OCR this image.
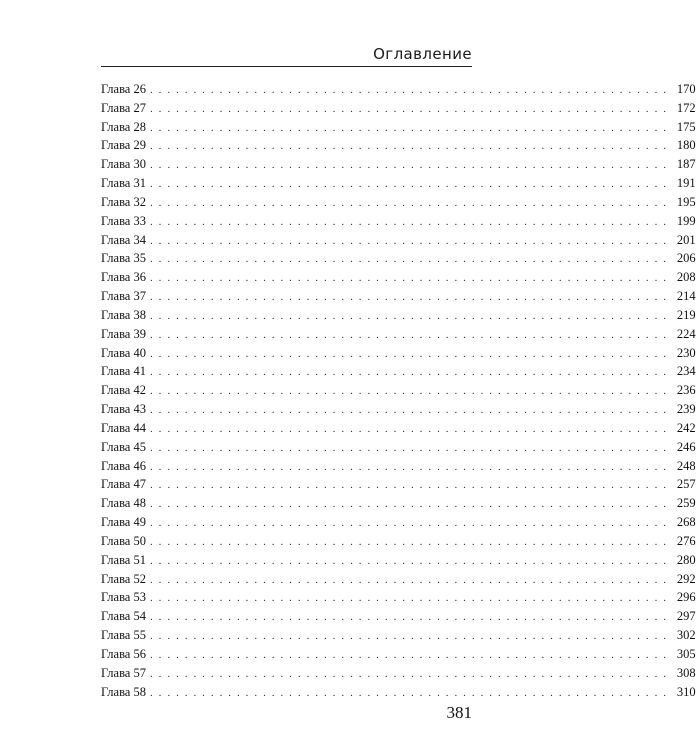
Оглавление
Глава 26 . . . . . . . . . . . . . . . . . . . . . . . . . . . . . . . . . . . . . . . . . . . . . . . . . . . . . . . . . . . . 170
Глава 27 . . . . . . . . . . . . . . . . . . . . . . . . . . . . . . . . . . . . . . . . . . . . . . . . . . . . . . . . . . . . 172
Глава 28 . . . . . . . . . . . . . . . . . . . . . . . . . . . . . . . . . . . . . . . . . . . . . . . . . . . . . . . . . . . . 175
Глава 29 . . . . . . . . . . . . . . . . . . . . . . . . . . . . . . . . . . . . . . . . . . . . . . . . . . . . . . . . . . . . 180
Глава 30 . . . . . . . . . . . . . . . . . . . . . . . . . . . . . . . . . . . . . . . . . . . . . . . . . . . . . . . . . . . . 187
Глава 31 . . . . . . . . . . . . . . . . . . . . . . . . . . . . . . . . . . . . . . . . . . . . . . . . . . . . . . . . . . . . 191
Глава 32 . . . . . . . . . . . . . . . . . . . . . . . . . . . . . . . . . . . . . . . . . . . . . . . . . . . . . . . . . . . . 195
Глава 33 . . . . . . . . . . . . . . . . . . . . . . . . . . . . . . . . . . . . . . . . . . . . . . . . . . . . . . . . . . . . 199
Глава 34 . . . . . . . . . . . . . . . . . . . . . . . . . . . . . . . . . . . . . . . . . . . . . . . . . . . . . . . . . . . . 201
Глава 35 . . . . . . . . . . . . . . . . . . . . . . . . . . . . . . . . . . . . . . . . . . . . . . . . . . . . . . . . . . . . 206
Глава 36 . . . . . . . . . . . . . . . . . . . . . . . . . . . . . . . . . . . . . . . . . . . . . . . . . . . . . . . . . . . . 208
Глава 37 . . . . . . . . . . . . . . . . . . . . . . . . . . . . . . . . . . . . . . . . . . . . . . . . . . . . . . . . . . . . 214
Глава 38 . . . . . . . . . . . . . . . . . . . . . . . . . . . . . . . . . . . . . . . . . . . . . . . . . . . . . . . . . . . . 219
Глава 39 . . . . . . . . . . . . . . . . . . . . . . . . . . . . . . . . . . . . . . . . . . . . . . . . . . . . . . . . . . . . 224
Глава 40 . . . . . . . . . . . . . . . . . . . . . . . . . . . . . . . . . . . . . . . . . . . . . . . . . . . . . . . . . . . . 230
Глава 41 . . . . . . . . . . . . . . . . . . . . . . . . . . . . . . . . . . . . . . . . . . . . . . . . . . . . . . . . . . . . 234
Глава 42 . . . . . . . . . . . . . . . . . . . . . . . . . . . . . . . . . . . . . . . . . . . . . . . . . . . . . . . . . . . . 236
Глава 43 . . . . . . . . . . . . . . . . . . . . . . . . . . . . . . . . . . . . . . . . . . . . . . . . . . . . . . . . . . . . 239
Глава 44 . . . . . . . . . . . . . . . . . . . . . . . . . . . . . . . . . . . . . . . . . . . . . . . . . . . . . . . . . . . . 242
Глава 45 . . . . . . . . . . . . . . . . . . . . . . . . . . . . . . . . . . . . . . . . . . . . . . . . . . . . . . . . . . . . 246
Глава 46 . . . . . . . . . . . . . . . . . . . . . . . . . . . . . . . . . . . . . . . . . . . . . . . . . . . . . . . . . . . . 248
Глава 47 . . . . . . . . . . . . . . . . . . . . . . . . . . . . . . . . . . . . . . . . . . . . . . . . . . . . . . . . . . . . 257
Глава 48 . . . . . . . . . . . . . . . . . . . . . . . . . . . . . . . . . . . . . . . . . . . . . . . . . . . . . . . . . . . . 259
Глава 49 . . . . . . . . . . . . . . . . . . . . . . . . . . . . . . . . . . . . . . . . . . . . . . . . . . . . . . . . . . . . 268
Глава 50 . . . . . . . . . . . . . . . . . . . . . . . . . . . . . . . . . . . . . . . . . . . . . . . . . . . . . . . . . . . . 276
Глава 51 . . . . . . . . . . . . . . . . . . . . . . . . . . . . . . . . . . . . . . . . . . . . . . . . . . . . . . . . . . . . 280
Глава 52 . . . . . . . . . . . . . . . . . . . . . . . . . . . . . . . . . . . . . . . . . . . . . . . . . . . . . . . . . . . . 292
Глава 53 . . . . . . . . . . . . . . . . . . . . . . . . . . . . . . . . . . . . . . . . . . . . . . . . . . . . . . . . . . . . 296
Глава 54 . . . . . . . . . . . . . . . . . . . . . . . . . . . . . . . . . . . . . . . . . . . . . . . . . . . . . . . . . . . . 297
Глава 55 . . . . . . . . . . . . . . . . . . . . . . . . . . . . . . . . . . . . . . . . . . . . . . . . . . . . . . . . . . . . 302
Глава 56 . . . . . . . . . . . . . . . . . . . . . . . . . . . . . . . . . . . . . . . . . . . . . . . . . . . . . . . . . . . . 305
Глава 57 . . . . . . . . . . . . . . . . . . . . . . . . . . . . . . . . . . . . . . . . . . . . . . . . . . . . . . . . . . . . 308
Глава 58 . . . . . . . . . . . . . . . . . . . . . . . . . . . . . . . . . . . . . . . . . . . . . . . . . . . . . . . . . . . . 310
381
